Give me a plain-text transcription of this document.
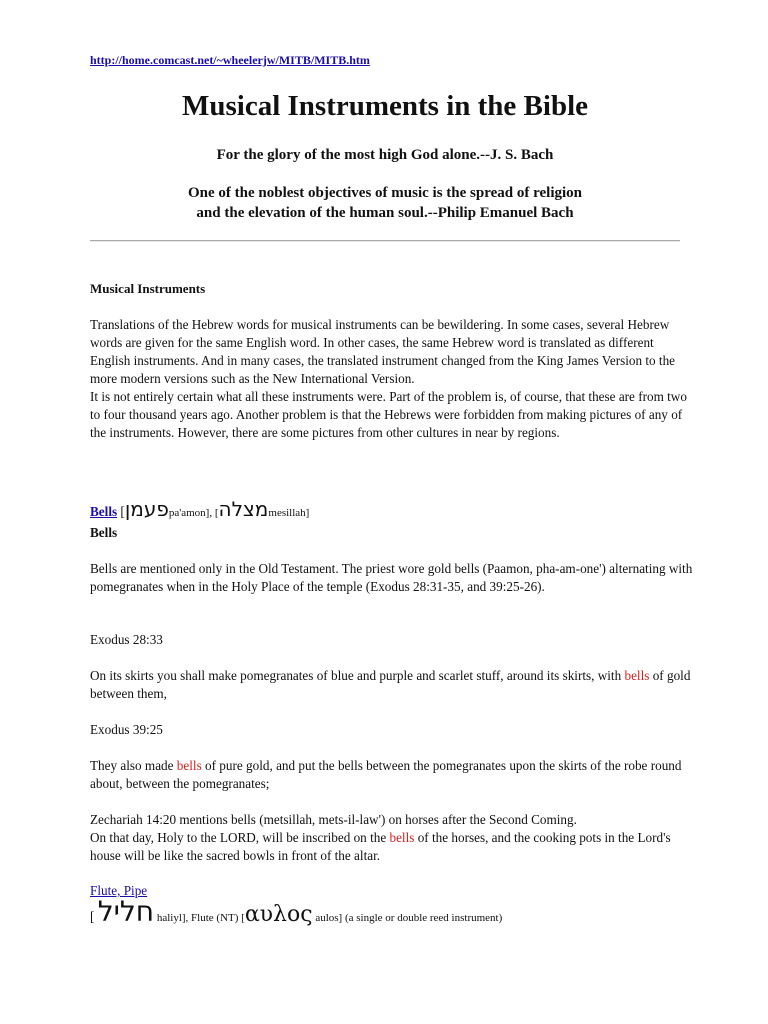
http://home.comcast.net/~wheelerjw/MITB/MITB.htm
Musical Instruments in the Bible
For the glory of the most high God alone.--J. S. Bach
One of the noblest objectives of music is the spread of religion
and the elevation of the human soul.--Philip Emanuel Bach
Musical Instruments
Translations of the Hebrew words for musical instruments can be bewildering. In some cases, several Hebrew words are given for the same English word. In other cases, the same Hebrew word is translated as different English instruments. And in many cases, the translated instrument changed from the King James Version to the more modern versions such as the New International Version.
It is not entirely certain what all these instruments were. Part of the problem is, of course, that these are from two to four thousand years ago. Another problem is that the Hebrews were forbidden from making pictures of any of the instruments. However, there are some pictures from other cultures in near by regions.
Bells [פעמןpa'amon], [מצלהmesillah]
Bells
Bells are mentioned only in the Old Testament. The priest wore gold bells (Paamon, pha-am-one') alternating with pomegranates when in the Holy Place of the temple (Exodus 28:31-35, and 39:25-26).
Exodus 28:33
On its skirts you shall make pomegranates of blue and purple and scarlet stuff, around its skirts, with bells of gold between them,
Exodus 39:25
They also made bells of pure gold, and put the bells between the pomegranates upon the skirts of the robe round about, between the pomegranates;
Zechariah 14:20 mentions bells (metsillah, mets-il-law') on horses after the Second Coming.
On that day, Holy to the LORD, will be inscribed on the bells of the horses, and the cooking pots in the Lord's house will be like the sacred bowls in front of the altar.
Flute, Pipe
[ חליל haliyl], Flute (NT) [αυλος aulos] (a single or double reed instrument)
